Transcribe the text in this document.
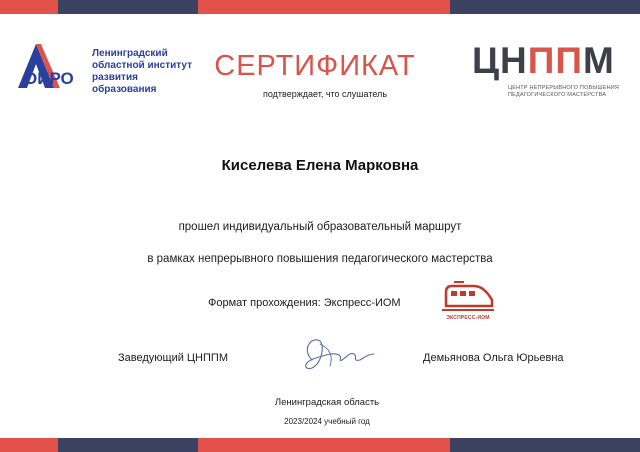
ОИРО
Ленинградский областной институт развития образования
СЕРТИФИКАТ
подтверждает, что слушатель
ЦНППМ
ЦЕНТР НЕПРЕРЫВНОГО ПОВЫШЕНИЯ ПЕДАГОГИЧЕСКОГО МАСТЕРСТВА
Киселева Елена Марковна
прошел индивидуальный образовательный маршрут
в рамках непрерывного повышения педагогического мастерства
Формат прохождения: Экспресс-ИОМ
ЭКСПРЕСС-ИОМ
Заведующий ЦНППМ	Демьянова Ольга Юрьевна
Ленинградская область
2023/2024 учебный год
